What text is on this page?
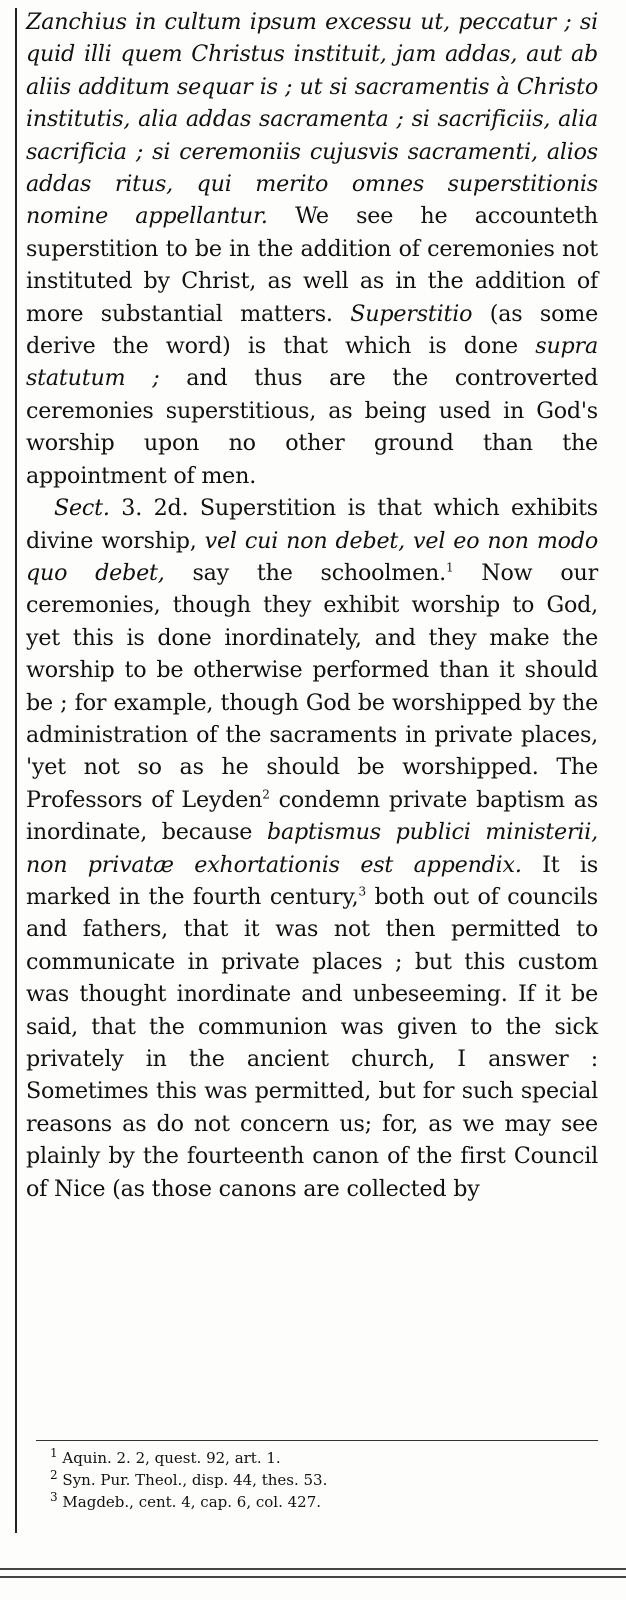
Zanchius in cultum ipsum excessu ut, peccatur ; si quid illi quem Christus instituit, jam addas, aut ab aliis additum sequar is ; ut si sacramentis à Christo institutis, alia addas sacramenta ; si sacrificiis, alia sacrificia ; si ceremoniis cujusvis sacramenti, alios addas ritus, qui merito omnes superstitionis nomine appellantur. We see he accounteth superstition to be in the addition of ceremonies not instituted by Christ, as well as in the addition of more substantial matters. Superstitio (as some derive the word) is that which is done supra statutum ; and thus are the controverted ceremonies superstitious, as being used in God's worship upon no other ground than the appointment of men.

Sect. 3. 2d. Superstition is that which exhibits divine worship, vel cui non debet, vel eo non modo quo debet, say the schoolmen.$^1$ Now our ceremonies, though they exhibit worship to God, yet this is done inordinately, and they make the worship to be otherwise performed than it should be ; for example, though God be worshipped by the administration of the sacraments in private places, 'yet not so as he should be worshipped. The Professors of Leyden$^2$ condemn private baptism as inordinate, because baptismus publici ministerii, non privatæ exhortationis est appendix. It is marked in the fourth century,$^3$ both out of councils and fathers, that it was not then permitted to communicate in private places ; but this custom was thought inordinate and unbeseeming. If it be said, that the communion was given to the sick privately in the ancient church, I answer : Sometimes this was permitted, but for such special reasons as do not concern us; for, as we may see plainly by the fourteenth canon of the first Council of Nice (as those canons are collected by

$^1$ Aquin. 2. 2, quest. 92, art. 1.
$^2$ Syn. Pur. Theol., disp. 44, thes. 53.
$^3$ Magdeb., cent. 4, cap. 6, col. 427.
